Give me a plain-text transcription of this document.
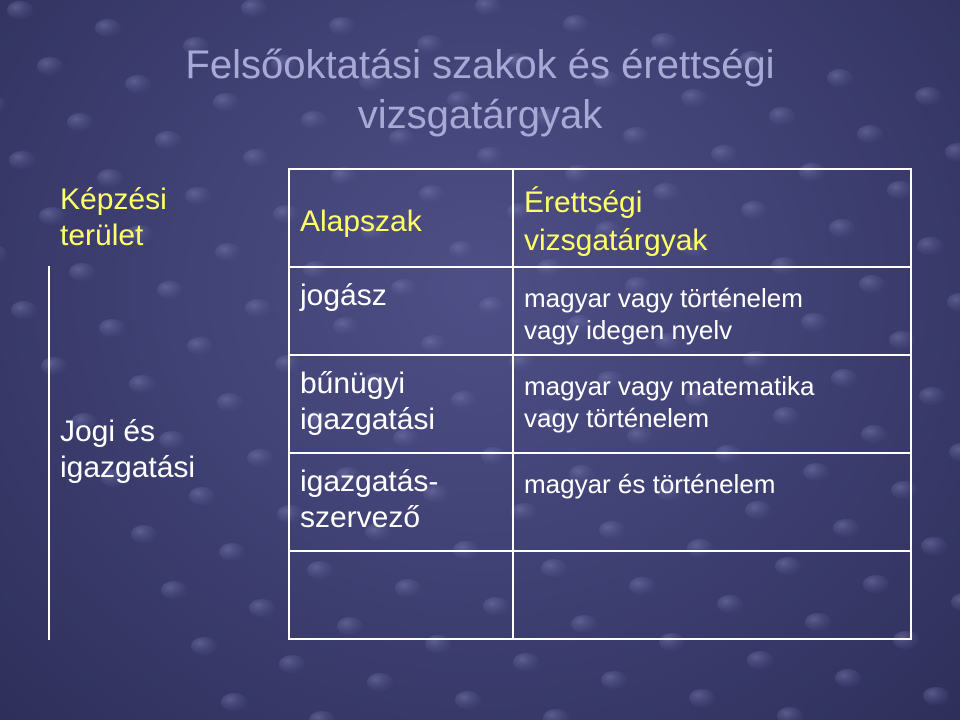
Felsőoktatási szakok és érettségi
vizsgatárgyak
Képzési
terület
Jogi és
igazgatási
Alapszak	Érettségi
vizsgatárgyak

jogász	magyar vagy történelem
vagy idegen nyelv

bűnügyi
igazgatási	magyar vagy matematika
vagy történelem

igazgatás-
szervező	magyar és történelem
